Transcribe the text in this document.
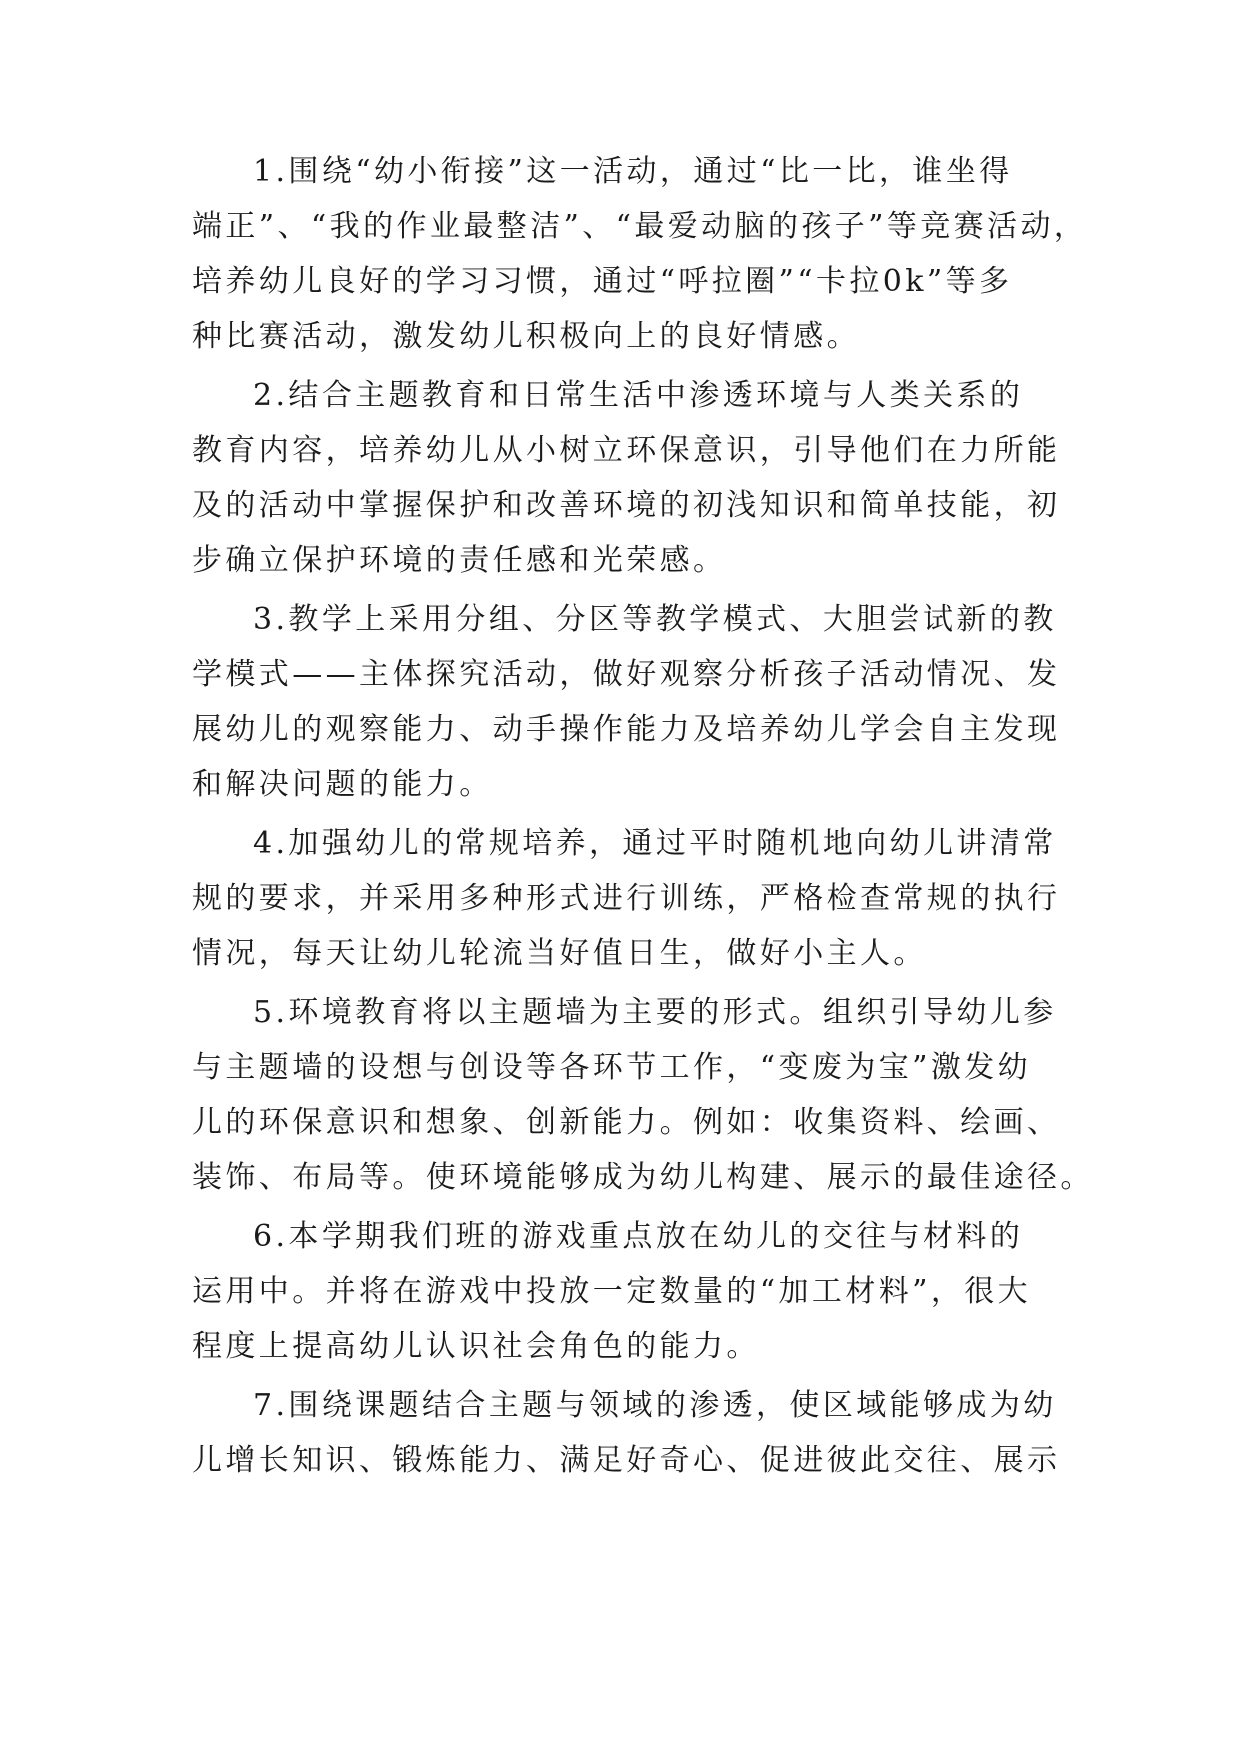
1.围绕“幼小衔接”这一活动，通过“比一比，谁坐得

端正”、“我的作业最整洁”、“最爱动脑的孩子”等竞赛活动，

培养幼儿良好的学习习惯，通过“呼拉圈”“卡拉0k”等多

种比赛活动，激发幼儿积极向上的良好情感。

2.结合主题教育和日常生活中渗透环境与人类关系的

教育内容，培养幼儿从小树立环保意识，引导他们在力所能

及的活动中掌握保护和改善环境的初浅知识和简单技能，初

步确立保护环境的责任感和光荣感。

3.教学上采用分组、分区等教学模式、大胆尝试新的教

学模式——主体探究活动，做好观察分析孩子活动情况、发

展幼儿的观察能力、动手操作能力及培养幼儿学会自主发现

和解决问题的能力。

4.加强幼儿的常规培养，通过平时随机地向幼儿讲清常

规的要求，并采用多种形式进行训练，严格检查常规的执行

情况，每天让幼儿轮流当好值日生，做好小主人。

5.环境教育将以主题墙为主要的形式。组织引导幼儿参

与主题墙的设想与创设等各环节工作，“变废为宝”激发幼

儿的环保意识和想象、创新能力。例如：收集资料、绘画、

装饰、布局等。使环境能够成为幼儿构建、展示的最佳途径。

6.本学期我们班的游戏重点放在幼儿的交往与材料的

运用中。并将在游戏中投放一定数量的“加工材料”，很大

程度上提高幼儿认识社会角色的能力。

7.围绕课题结合主题与领域的渗透，使区域能够成为幼

儿增长知识、锻炼能力、满足好奇心、促进彼此交往、展示
